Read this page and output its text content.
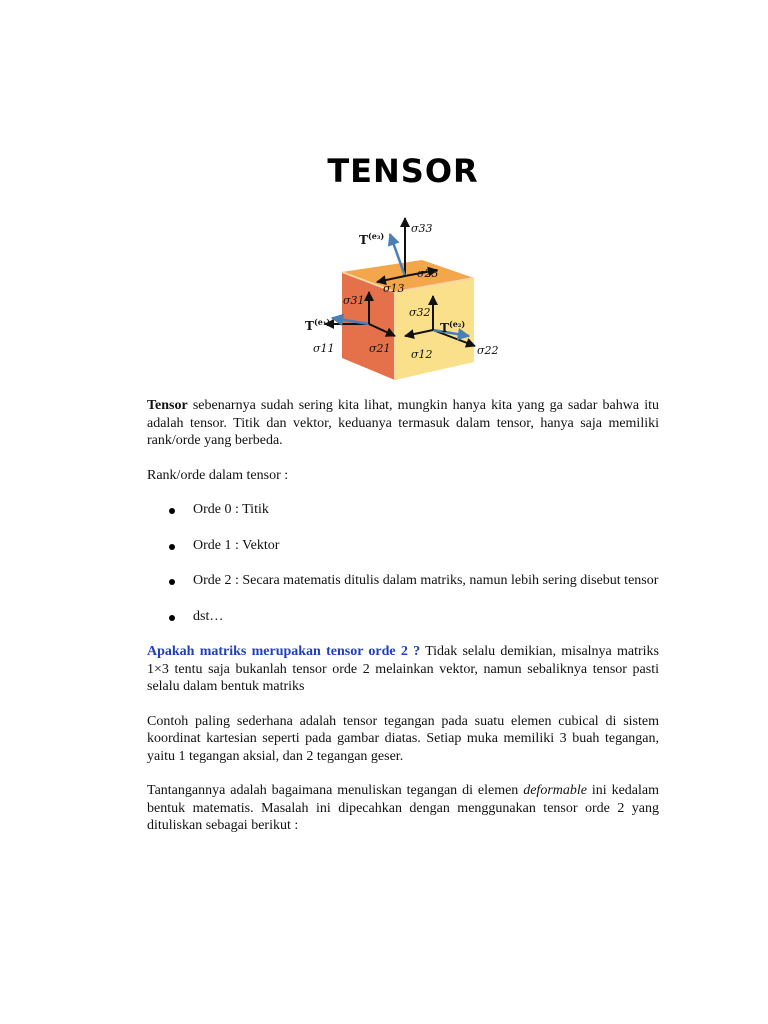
TENSOR
$T^{(e_3)}$
σ33
σ23
σ13
σ31
σ32
$T^{(e_1)}$	$T^{(e_2)}$
σ11	σ21 σ12	σ22

Tensor sebenarnya sudah sering kita lihat, mungkin hanya kita yang ga sadar bahwa itu adalah tensor. Titik dan vektor, keduanya termasuk dalam tensor, hanya saja memiliki rank/orde yang berbeda.

Rank/orde dalam tensor :

Orde 0 : Titik
Orde 1 : Vektor
Orde 2 : Secara matematis ditulis dalam matriks, namun lebih sering disebut tensor
dst…

Apakah matriks merupakan tensor orde 2 ? Tidak selalu demikian, misalnya matriks 1×3 tentu saja bukanlah tensor orde 2 melainkan vektor, namun sebaliknya tensor pasti selalu dalam bentuk matriks

Contoh paling sederhana adalah tensor tegangan pada suatu elemen cubical di sistem koordinat kartesian seperti pada gambar diatas. Setiap muka memiliki 3 buah tegangan, yaitu 1 tegangan aksial, dan 2 tegangan geser.

Tantangannya adalah bagaimana menuliskan tegangan di elemen deformable ini kedalam bentuk matematis. Masalah ini dipecahkan dengan menggunakan tensor orde 2 yang dituliskan sebagai berikut :
